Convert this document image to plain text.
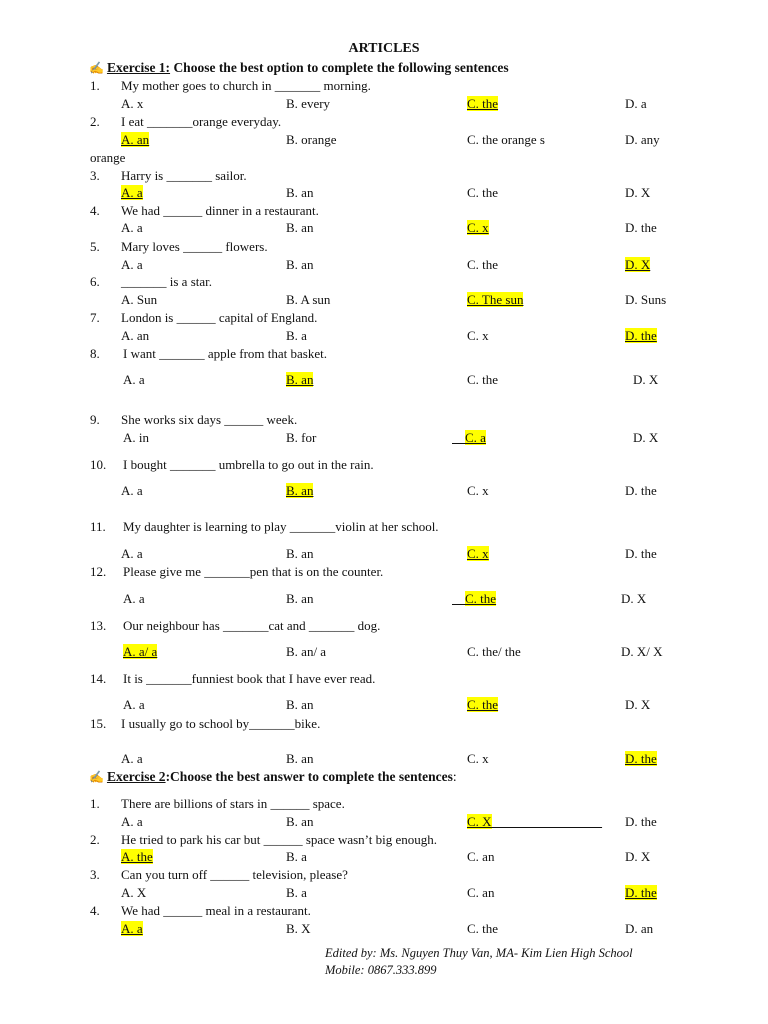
ARTICLES
✍ Exercise 1: Choose the best option to complete the following sentences
1. My mother goes to church in _______ morning.
A. x	B. every	C. the	D. a
2. I eat _______orange everyday.
A. an	B. orange	C. the orange s	D. any
orange
3. Harry is _______ sailor.
A. a	B. an	C. the	D. X
4. We had ______ dinner in a restaurant.
A. a	B. an	C. x	D. the
5. Mary loves ______ flowers.
A. a	B. an	C. the	D. X
6. _______ is a star.
A. Sun	B. A sun	C. The sun	D. Suns
7. London is ______ capital of England.
A. an	B. a	C. x	D. the
8. I want _______ apple from that basket.
A. a	B. an	C. the	D. X
9. She works six days ______ week.
A. in	B. for	C. a	D. X
10. I bought _______ umbrella to go out in the rain.
A. a	B. an	C. x	D. the
11. My daughter is learning to play _______violin at her school.
A. a	B. an	C. x	D. the
12. Please give me _______pen that is on the counter.
A. a	B. an	C. the	D. X
13. Our neighbour has _______cat and _______ dog.
A. a/ a	B. an/ a	C. the/ the	D. X/ X
14. It is _______funniest book that I have ever read.
A. a	B. an	C. the	D. X
15. I usually go to school by_______bike.
A. a	B. an	C. x	D. the
✍ Exercise 2:Choose the best answer to complete the sentences:
1. There are billions of stars in ______ space.
A. a	B. an	C. X	D. the
2. He tried to park his car but ______ space wasn’t big enough.
A. the	B. a	C. an	D. X
3. Can you turn off ______ television, please?
A. X	B. a	C. an	D. the
4. We had ______ meal in a restaurant.
A. a	B. X	C. the	D. an
Edited by: Ms. Nguyen Thuy Van, MA- Kim Lien High School
Mobile: 0867.333.899
